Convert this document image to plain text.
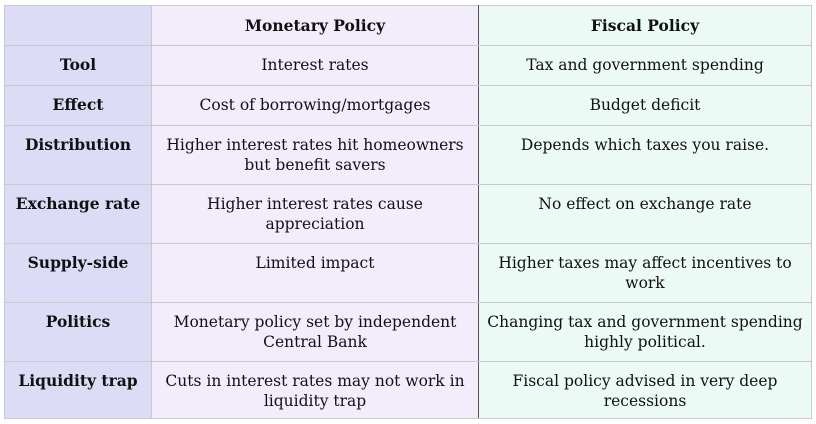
	Monetary Policy	Fiscal Policy
Tool	Interest rates	Tax and government spending
Effect	Cost of borrowing/mortgages	Budget deficit
Distribution	Higher interest rates hit homeowners but benefit savers	Depends which taxes you raise.
Exchange rate	Higher interest rates cause appreciation	No effect on exchange rate
Supply-side	Limited impact	Higher taxes may affect incentives to work
Politics	Monetary policy set by independent Central Bank	Changing tax and government spending highly political.
Liquidity trap	Cuts in interest rates may not work in liquidity trap	Fiscal policy advised in very deep recessions
